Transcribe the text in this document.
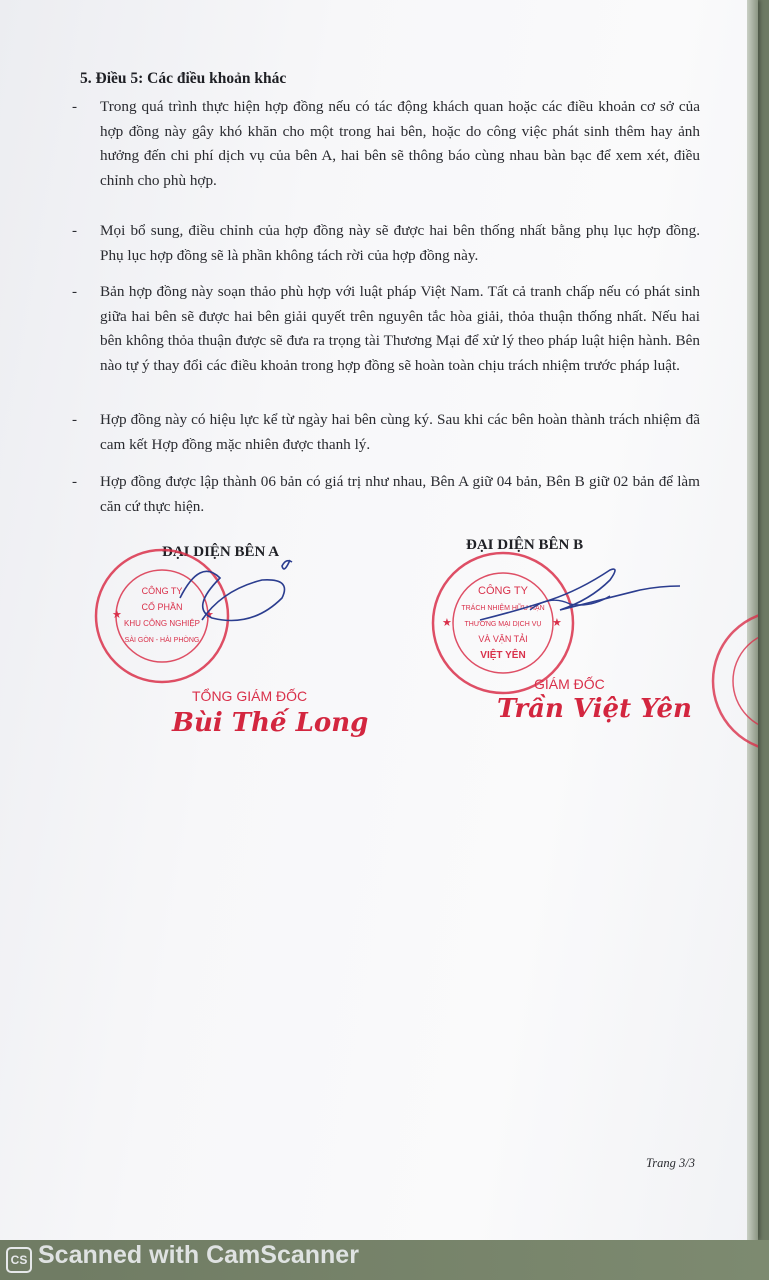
5. Điều 5: Các điều khoản khác
- Trong quá trình thực hiện hợp đồng nếu có tác động khách quan hoặc các điều khoản cơ sở của hợp đồng này gây khó khăn cho một trong hai bên, hoặc do công việc phát sinh thêm hay ảnh hưởng đến chi phí dịch vụ của bên A, hai bên sẽ thông báo cùng nhau bàn bạc để xem xét, điều chỉnh cho phù hợp.
- Mọi bổ sung, điều chỉnh của hợp đồng này sẽ được hai bên thống nhất bằng phụ lục hợp đồng. Phụ lục hợp đồng sẽ là phần không tách rời của hợp đồng này.
- Bản hợp đồng này soạn thảo phù hợp với luật pháp Việt Nam. Tất cả tranh chấp nếu có phát sinh giữa hai bên sẽ được hai bên giải quyết trên nguyên tắc hòa giải, thỏa thuận thống nhất. Nếu hai bên không thỏa thuận được sẽ đưa ra trọng tài Thương Mại để xử lý theo pháp luật hiện hành. Bên nào tự ý thay đổi các điều khoản trong hợp đồng sẽ hoàn toàn chịu trách nhiệm trước pháp luật.
- Hợp đồng này có hiệu lực kể từ ngày hai bên cùng ký. Sau khi các bên hoàn thành trách nhiệm đã cam kết Hợp đồng mặc nhiên được thanh lý.
- Hợp đồng được lập thành 06 bản có giá trị như nhau, Bên A giữ 04 bản, Bên B giữ 02 bản để làm căn cứ thực hiện.
ĐẠI DIỆN BÊN A
★	★
CÔNG TY
CỔ PHẦN
KHU CÔNG NGHIỆP
SÀI GÒN - HẢI PHÒNG
TỔNG GIÁM ĐỐC
Bùi Thế Long
ĐẠI DIỆN BÊN B
★	★
CÔNG TY
TRÁCH NHIỆM HỮU HẠN
THƯƠNG MẠI DỊCH VỤ
VÀ VẬN TẢI
VIỆT YÊN
GIÁM ĐỐC
Trần Việt Yên
Trang 3/3
CS Scanned with CamScanner
